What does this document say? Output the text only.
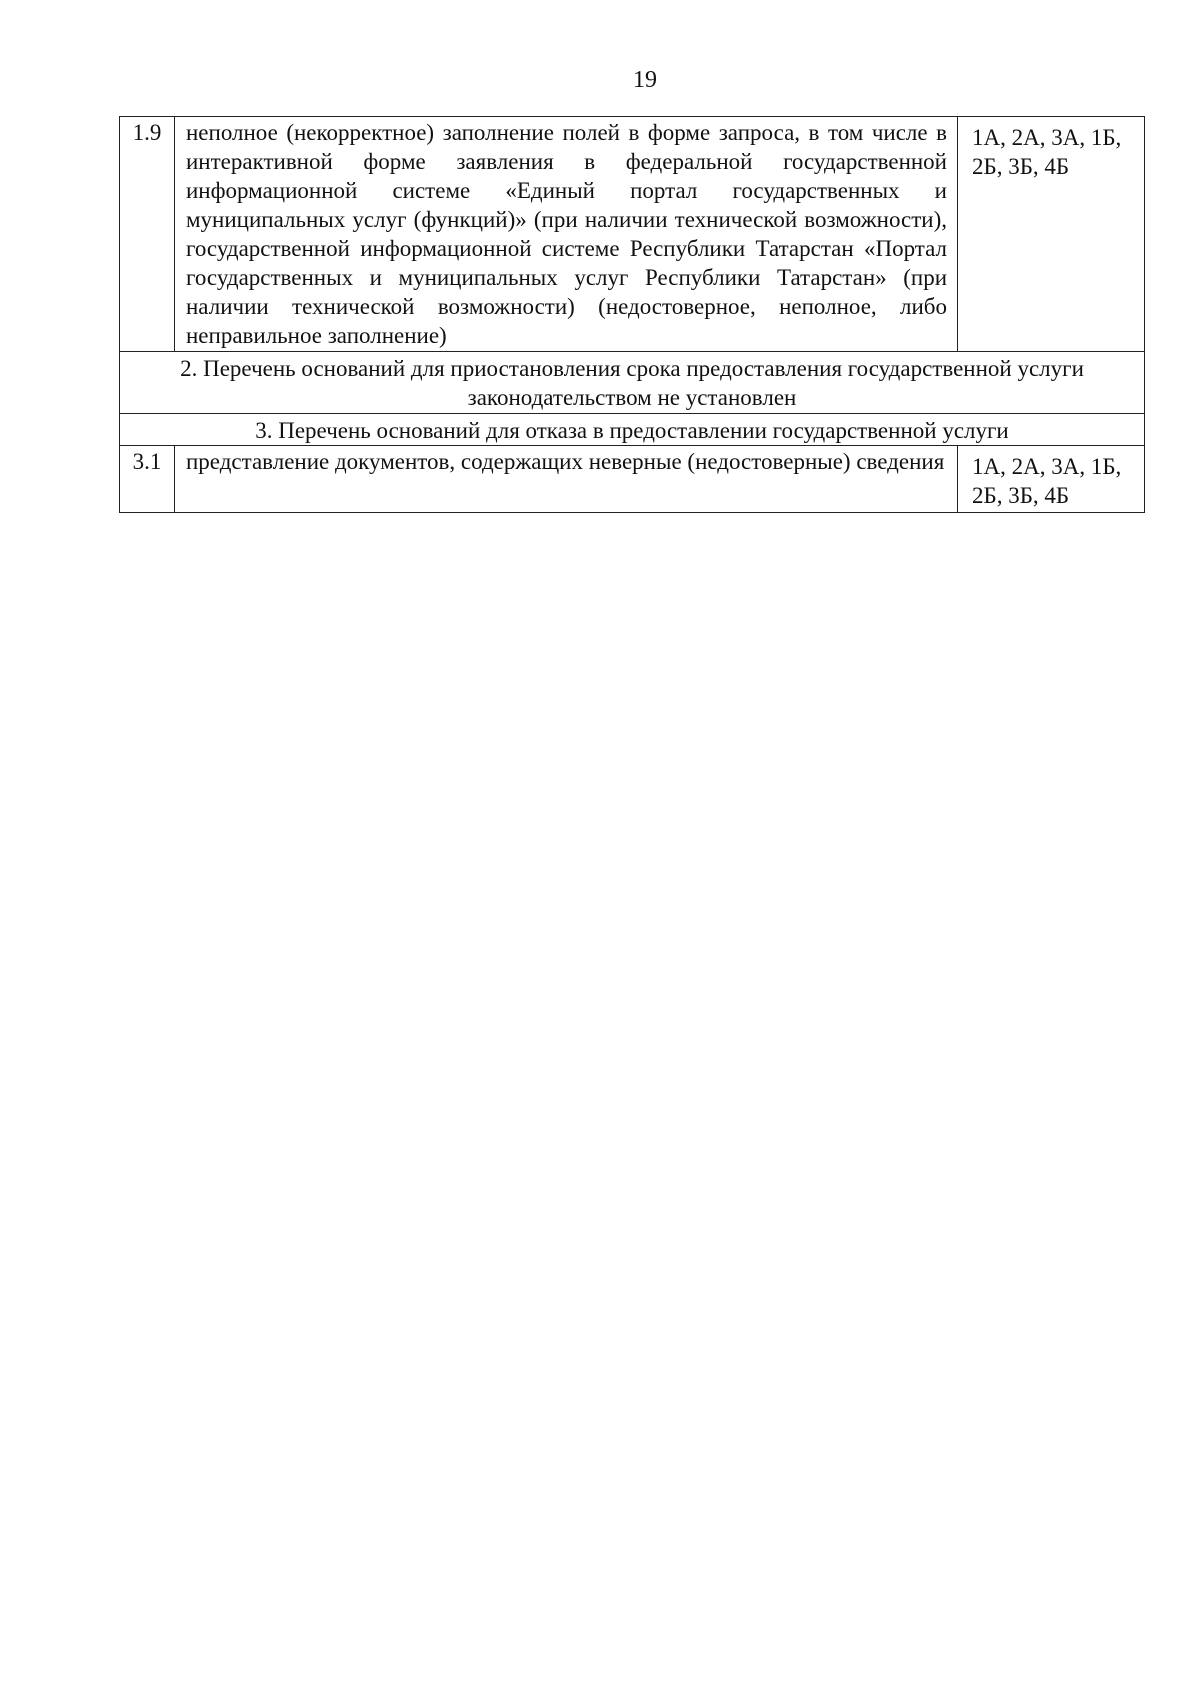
19
1.9	неполное (некорректное) заполнение полей в форме запроса, в том числе в интерактивной форме заявления в федеральной государственной информационной системе «Единый портал государственных и муниципальных услуг (функций)» (при наличии технической возможности), государственной информационной системе Республики Татарстан «Портал государственных и муниципальных услуг Республики Татарстан» (при наличии технической возможности) (недостоверное, неполное, либо неправильное заполнение)	1А, 2А, 3А, 1Б, 2Б, 3Б, 4Б
2. Перечень оснований для приостановления срока предоставления государственной услуги законодательством не установлен		
3. Перечень оснований для отказа в предоставлении государственной услуги		
3.1	представление документов, содержащих неверные (недостоверные) сведения	1А, 2А, 3А, 1Б, 2Б, 3Б, 4Б
